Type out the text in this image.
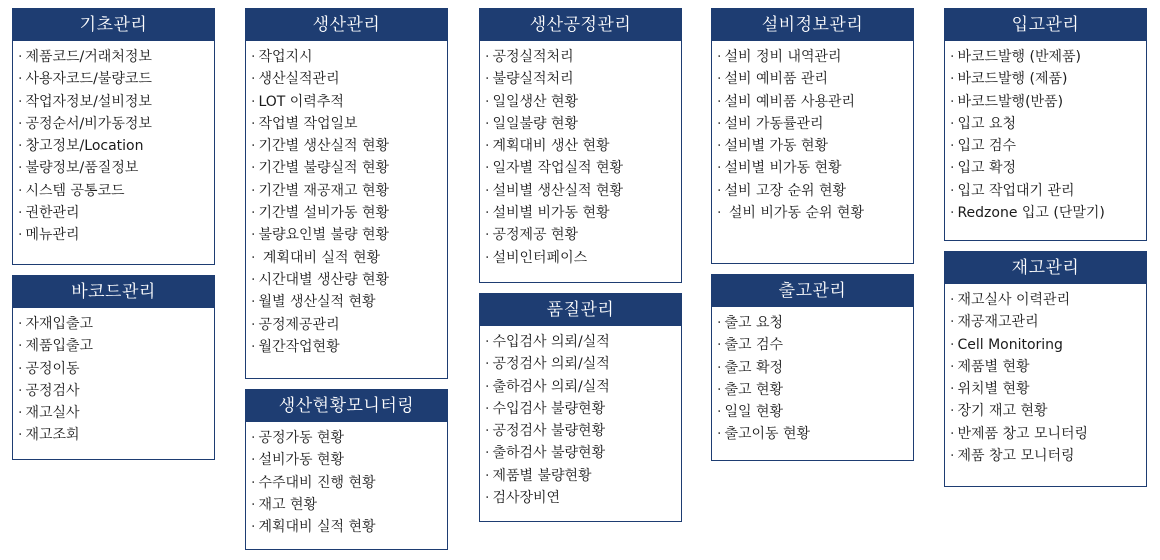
기초관리
· 제품코드/거래처정보
· 사용자코드/불량코드
· 작업자정보/설비정보
· 공정순서/비가동정보
· 창고정보/Location
· 불량정보/품질정보
· 시스템 공통코드
· 권한관리
· 메뉴관리
바코드관리
· 자재입출고
· 제품입출고
· 공정이동
· 공정검사
· 재고실사
· 재고조회
생산관리
· 작업지시
· 생산실적관리
· LOT 이력추적
· 작업별 작업일보
· 기간별 생산실적 현황
· 기간별 불량실적 현황
· 기간별 재공재고 현황
· 기간별 설비가동 현황
· 불량요인별 불량 현황
· 계획대비 실적 현황
· 시간대별 생산량 현황
· 월별 생산실적 현황
· 공정제공관리
· 월간작업현황
생산현황모니터링
· 공정가동 현황
· 설비가동 현황
· 수주대비 진행 현황
· 재고 현황
· 계획대비 실적 현황
생산공정관리
· 공정실적처리
· 불량실적처리
· 일일생산 현황
· 일일불량 현황
· 계획대비 생산 현황
· 일자별 작업실적 현황
· 설비별 생산실적 현황
· 설비별 비가동 현황
· 공정제공 현황
· 설비인터페이스
품질관리
· 수입검사 의뢰/실적
· 공정검사 의뢰/실적
· 출하검사 의뢰/실적
· 수입검사 불량현황
· 공정검사 불량현황
· 출하검사 불량현황
· 제품별 불량현황
· 검사장비연
설비정보관리
· 설비 정비 내역관리
· 설비 예비품 관리
· 설비 예비품 사용관리
· 설비 가동률관리
· 설비별 가동 현황
· 설비별 비가동 현황
· 설비 고장 순위 현황
· 설비 비가동 순위 현황
출고관리
· 출고 요청
· 출고 검수
· 출고 확정
· 출고 현황
· 일일 현황
· 출고이동 현황
입고관리
· 바코드발행 (반제품)
· 바코드발행 (제품)
· 바코드발행(반품)
· 입고 요청
· 입고 검수
· 입고 확정
· 입고 작업대기 관리
· Redzone 입고 (단말기)
재고관리
· 재고실사 이력관리
· 재공재고관리
· Cell Monitoring
· 제품별 현황
· 위치별 현황
· 장기 재고 현황
· 반제품 창고 모니터링
· 제품 창고 모니터링
